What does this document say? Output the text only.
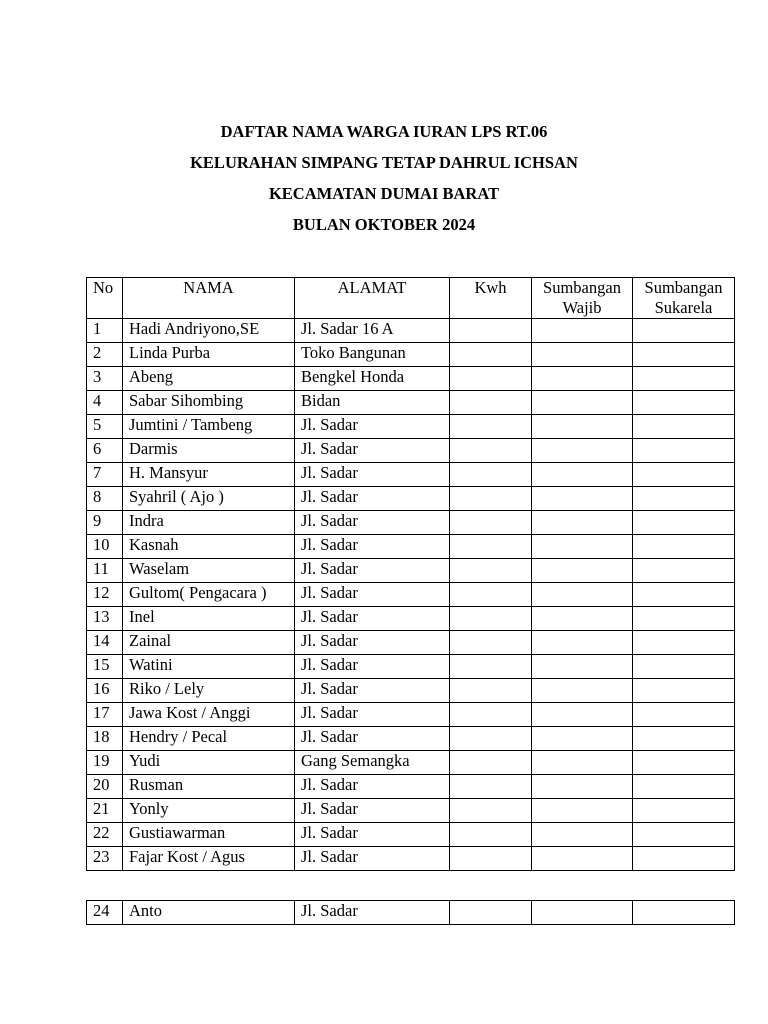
DAFTAR NAMA WARGA IURAN LPS RT.06
KELURAHAN SIMPANG TETAP DAHRUL ICHSAN
KECAMATAN DUMAI BARAT
BULAN OKTOBER 2024
No	NAMA	ALAMAT	Kwh	Sumbangan Wajib	Sumbangan Sukarela
1	Hadi Andriyono,SE	Jl. Sadar 16 A			
2	Linda Purba	Toko Bangunan			
3	Abeng	Bengkel Honda			
4	Sabar Sihombing	Bidan			
5	Jumtini / Tambeng	Jl. Sadar			
6	Darmis	Jl. Sadar			
7	H. Mansyur	Jl. Sadar			
8	Syahril ( Ajo )	Jl. Sadar			
9	Indra	Jl. Sadar			
10	Kasnah	Jl. Sadar			
11	Waselam	Jl. Sadar			
12	Gultom( Pengacara )	Jl. Sadar			
13	Inel	Jl. Sadar			
14	Zainal	Jl. Sadar			
15	Watini	Jl. Sadar			
16	Riko / Lely	Jl. Sadar			
17	Jawa Kost / Anggi	Jl. Sadar			
18	Hendry / Pecal	Jl. Sadar			
19	Yudi	Gang Semangka			
20	Rusman	Jl. Sadar			
21	Yonly	Jl. Sadar			
22	Gustiawarman	Jl. Sadar			
23	Fajar Kost / Agus	Jl. Sadar			
24	Anto	Jl. Sadar			
